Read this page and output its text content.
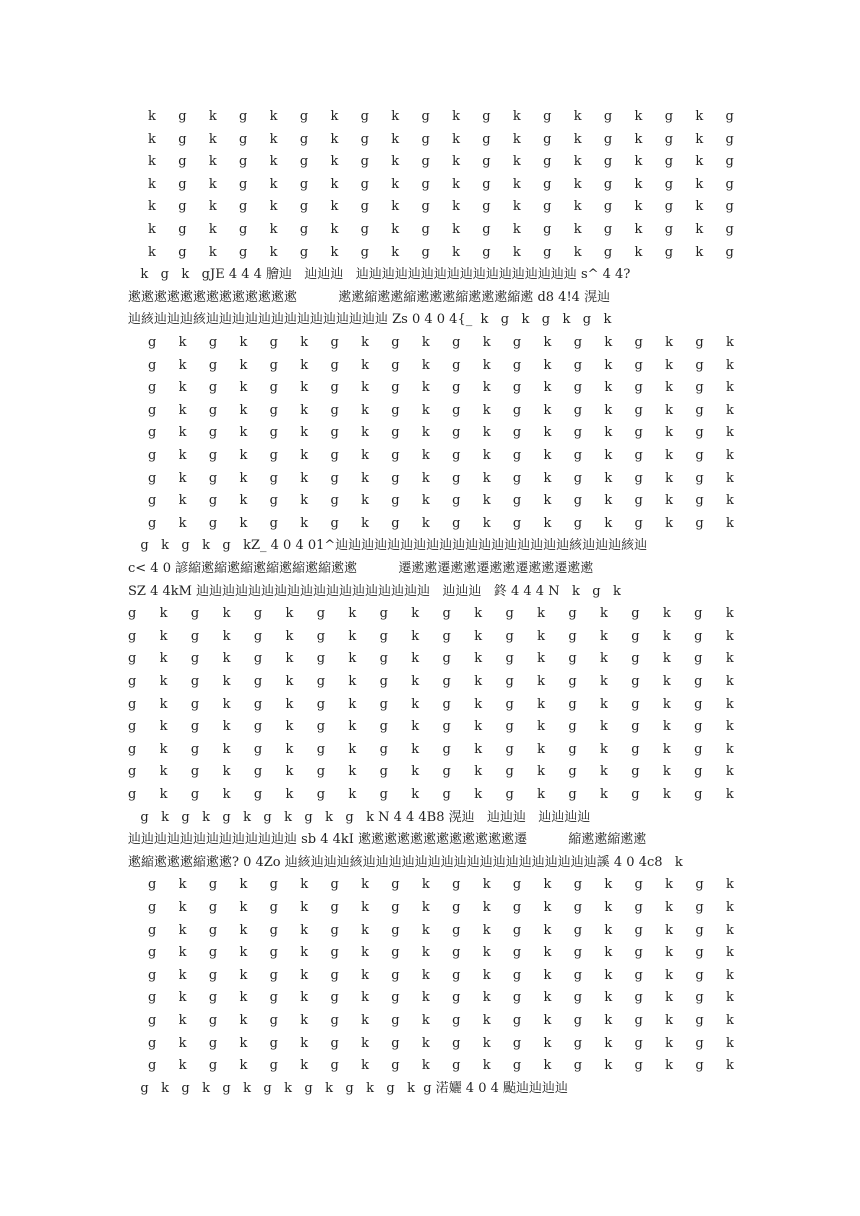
k g k g k g k g k g k g k g k g k g k g
k g k g k g k g k g k g k g k g k g k g
k g k g k g k g k g k g k g k g k g k g
k g k g k g k g k g k g k g k g k g k g
k g k g k g k g k g k g k g k g k g k g
k g k g k g k g k g k g k g k g k g k g
k g k g k g k g k g k g k g k g k g k g
k   g   k   gJE 4 4 4 膾辿   辿辿辿   辿辿辿辿辿辿辿辿辿辿辿辿辿辿辿辿辿 s^ 4 4?
遬遬遬遬遬遬遬遬遬遬遬遬遬          遬遬縮遬遬縮遬遬遬縮遬遬遬縮遬 d8 4!4 滉辿
辿絯辿辿辿絯辿辿辿辿辿辿辿辿辿辿辿辿辿辿 Zs 0 4 0 4{_  k   g   k   g   k   g   k
g k g k g k g k g k g k g k g k g k g k
g k g k g k g k g k g k g k g k g k g k
g k g k g k g k g k g k g k g k g k g k
g k g k g k g k g k g k g k g k g k g k
g k g k g k g k g k g k g k g k g k g k
g k g k g k g k g k g k g k g k g k g k
g k g k g k g k g k g k g k g k g k g k
g k g k g k g k g k g k g k g k g k g k
g k g k g k g k g k g k g k g k g k g k
g   k   g   k   g   kZ_ 4 0 4 01^辿辿辿辿辿辿辿辿辿辿辿辿辿辿辿辿辿辿絯辿辿辿絯辿
c< 4 0 諺縮遬縮遬縮遬縮遬縮遬縮遬遬          遷遬遬遷遬遬遷遬遬遷遬遬遷遬遬
SZ 4 4kM 辿辿辿辿辿辿辿辿辿辿辿辿辿辿辿辿辿辿   辿辿辿   鉖 4 4 4 N   k   g   k
g k g k g k g k g k g k g k g k g k g k
g k g k g k g k g k g k g k g k g k g k
g k g k g k g k g k g k g k g k g k g k
g k g k g k g k g k g k g k g k g k g k
g k g k g k g k g k g k g k g k g k g k
g k g k g k g k g k g k g k g k g k g k
g k g k g k g k g k g k g k g k g k g k
g k g k g k g k g k g k g k g k g k g k
g k g k g k g k g k g k g k g k g k g k
g   k   g   k   g   k   g   k   g   k   g   k N 4 4 4B8 滉辿   辿辿辿   辿辿辿辿
辿辿辿辿辿辿辿辿辿辿辿辿辿 sb 4 4kI 遬遬遬遬遬遬遬遬遬遬遬遬遷          縮遬遬縮遬遬
遬縮遬遬遬縮遬遬? 0 4Zo 辿絯辿辿辿絯辿辿辿辿辿辿辿辿辿辿辿辿辿辿辿辿辿辿謑 4 0 4c8   k
g k g k g k g k g k g k g k g k g k g k
g k g k g k g k g k g k g k g k g k g k
g k g k g k g k g k g k g k g k g k g k
g k g k g k g k g k g k g k g k g k g k
g k g k g k g k g k g k g k g k g k g k
g k g k g k g k g k g k g k g k g k g k
g k g k g k g k g k g k g k g k g k g k
g k g k g k g k g k g k g k g k g k g k
g k g k g k g k g k g k g k g k g k g k
g   k   g   k   g   k   g   k   g   k   g   k   g   k  g 渃孋 4 0 4 颭辿辿辿辿
